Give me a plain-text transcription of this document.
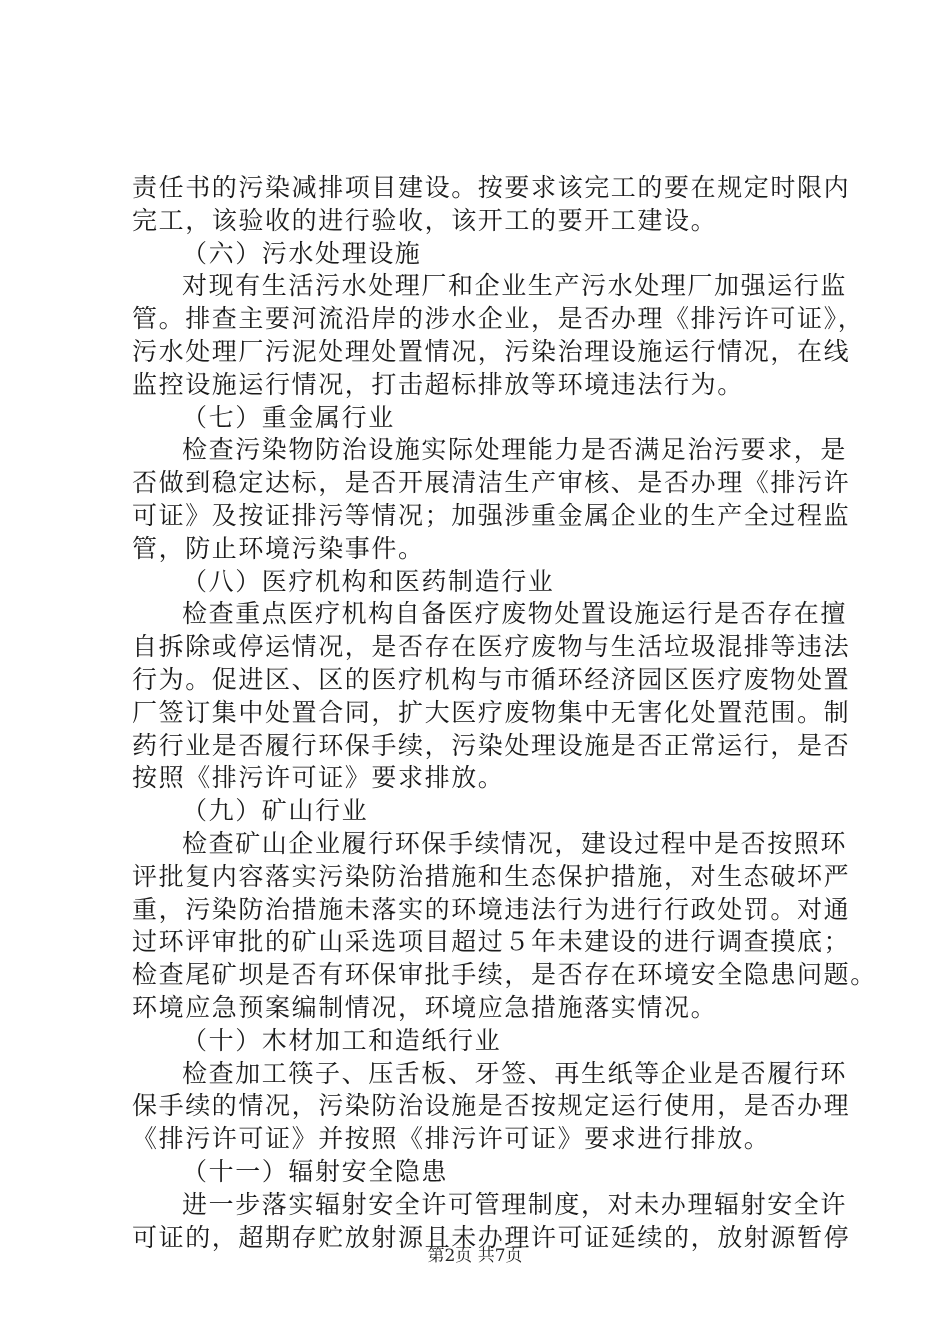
责任书的污染减排项目建设。按要求该完工的要在规定时限内
完工，该验收的进行验收，该开工的要开工建设。
（六）污水处理设施
对现有生活污水处理厂和企业生产污水处理厂加强运行监
管。排查主要河流沿岸的涉水企业，是否办理《排污许可证》，
污水处理厂污泥处理处置情况，污染治理设施运行情况，在线
监控设施运行情况，打击超标排放等环境违法行为。
（七）重金属行业
检查污染物防治设施实际处理能力是否满足治污要求，是
否做到稳定达标，是否开展清洁生产审核、是否办理《排污许
可证》及按证排污等情况；加强涉重金属企业的生产全过程监
管，防止环境污染事件。
（八）医疗机构和医药制造行业
检查重点医疗机构自备医疗废物处置设施运行是否存在擅
自拆除或停运情况，是否存在医疗废物与生活垃圾混排等违法
行为。促进区、区的医疗机构与市循环经济园区医疗废物处置
厂签订集中处置合同，扩大医疗废物集中无害化处置范围。制
药行业是否履行环保手续，污染处理设施是否正常运行，是否
按照《排污许可证》要求排放。
（九）矿山行业
检查矿山企业履行环保手续情况，建设过程中是否按照环
评批复内容落实污染防治措施和生态保护措施，对生态破坏严
重，污染防治措施未落实的环境违法行为进行行政处罚。对通
过环评审批的矿山采选项目超过５年未建设的进行调查摸底；
检查尾矿坝是否有环保审批手续，是否存在环境安全隐患问题。
环境应急预案编制情况，环境应急措施落实情况。
（十）木材加工和造纸行业
检查加工筷子、压舌板、牙签、再生纸等企业是否履行环
保手续的情况，污染防治设施是否按规定运行使用，是否办理
《排污许可证》并按照《排污许可证》要求进行排放。
（十一）辐射安全隐患
进一步落实辐射安全许可管理制度，对未办理辐射安全许
可证的，超期存贮放射源且未办理许可证延续的，放射源暂停
第2页 共7页
